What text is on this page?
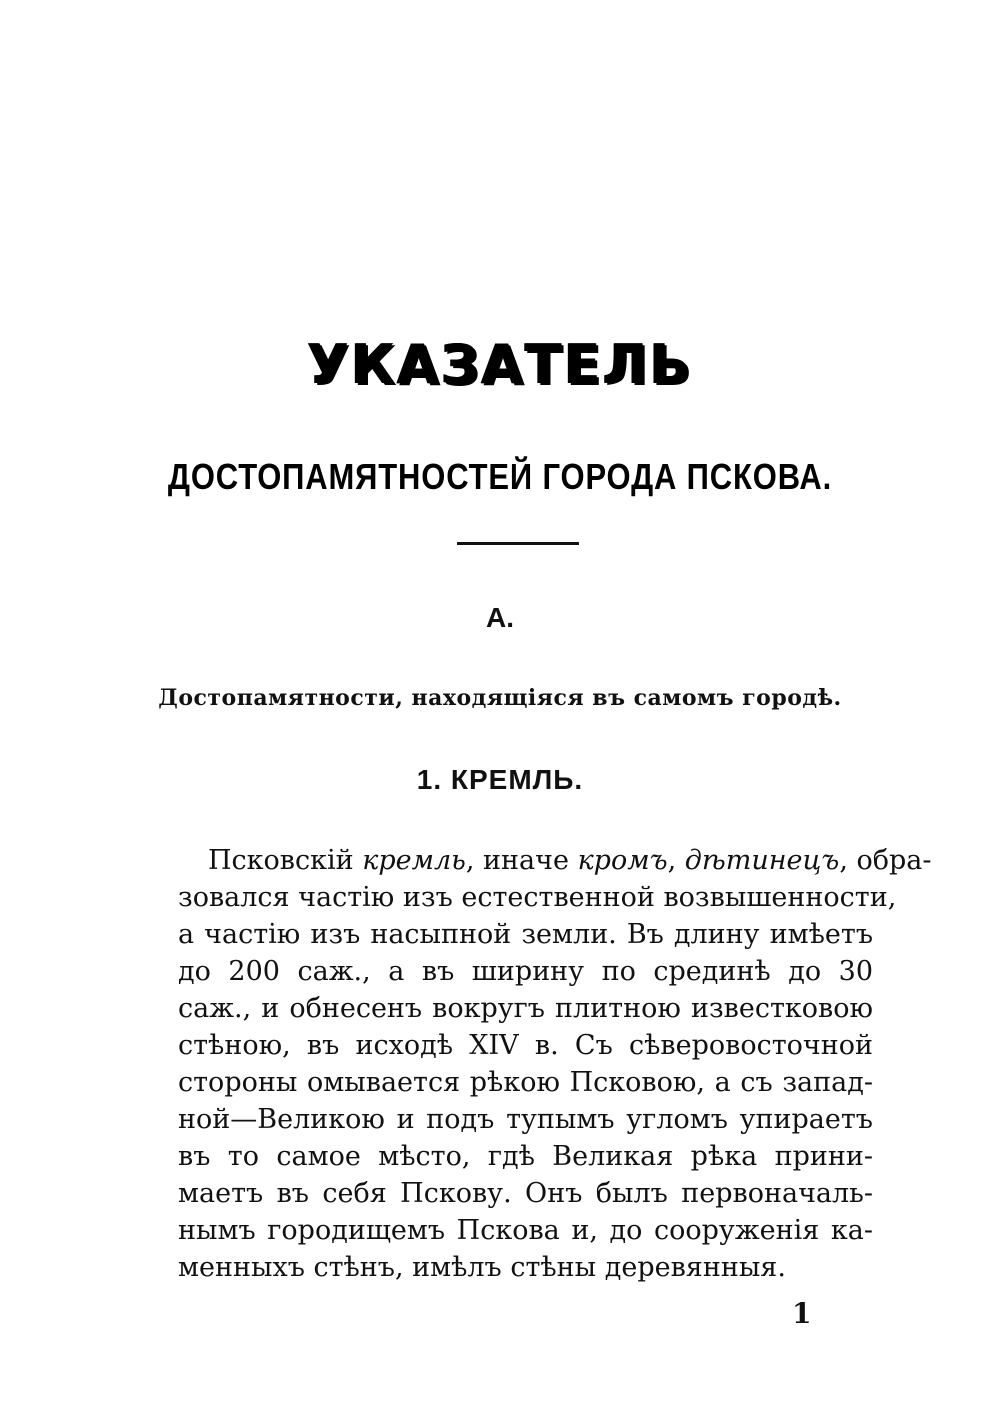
УКАЗАТЕЛЬ
ДОСТОПАМЯТНОСТЕЙ ГОРОДА ПСКОВА.
А.
Достопамятности, находящіяся въ самомъ городѣ.
1. КРЕМЛЬ.
Псковскій кремль, иначе кромъ, дѣтинецъ, обра-
зовался частію изъ естественной возвышенности,
а частію изъ насыпной земли. Въ длину имѣетъ
до 200 саж., а въ ширину по срединѣ до 30
саж., и обнесенъ вокругъ плитною известковою
стѣною, въ исходѣ XIV в. Съ сѣверовосточной
стороны омывается рѣкою Псковою, а съ запад-
ной—Великою и подъ тупымъ угломъ упираетъ
въ то самое мѣсто, гдѣ Великая рѣка прини-
маетъ въ себя Пскову. Онъ былъ первоначаль-
нымъ городищемъ Пскова и, до сооруженія ка-
менныхъ стѣнъ, имѣлъ стѣны деревянныя.
1
